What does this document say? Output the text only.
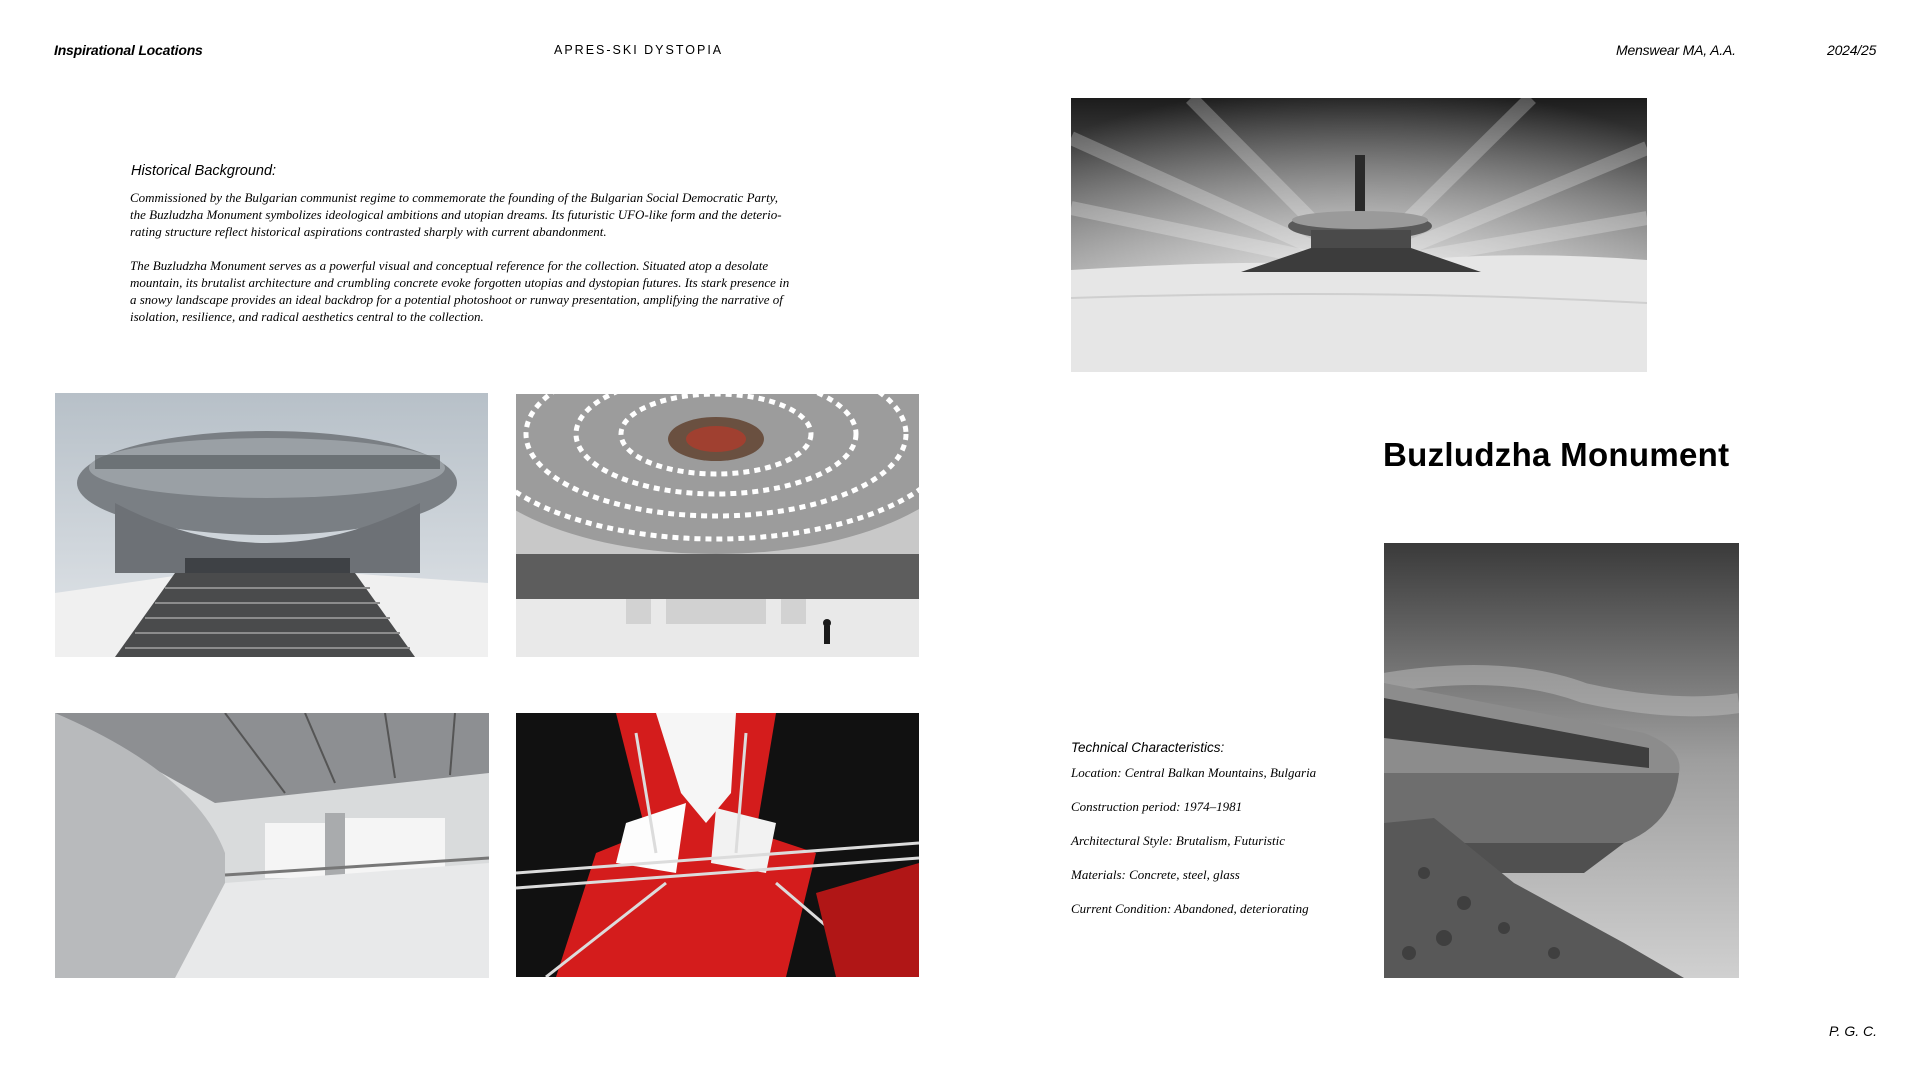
Inspirational Locations	APRES-SKI DYSTOPIA	Menswear MA, A.A.	2024/25
Historical Background:
Commissioned by the Bulgarian communist regime to commemorate the founding of the Bulgarian Social Democratic Party,
the Buzludzha Monument symbolizes ideological ambitions and utopian dreams. Its futuristic UFO-like form and the deterio-
rating structure reflect historical aspirations contrasted sharply with current abandonment.
The Buzludzha Monument serves as a powerful visual and conceptual reference for the collection. Situated atop a desolate
mountain, its brutalist architecture and crumbling concrete evoke forgotten utopias and dystopian futures. Its stark presence in
a snowy landscape provides an ideal backdrop for a potential photoshoot or runway presentation, amplifying the narrative of
isolation, resilience, and radical aesthetics central to the collection.
Buzludzha Monument
Technical Characteristics:
Location: Central Balkan Mountains, Bulgaria
Construction period: 1974–1981
Architectural Style: Brutalism, Futuristic
Materials: Concrete, steel, glass
Current Condition: Abandoned, deteriorating
P. G. C.
